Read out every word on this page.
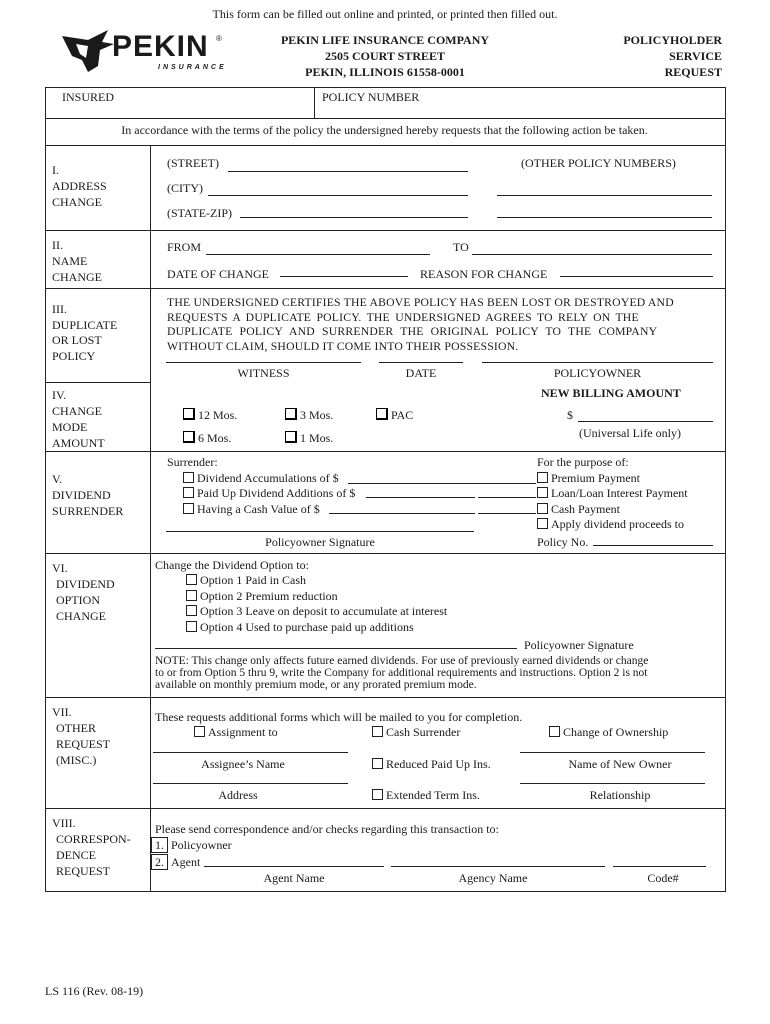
This form can be filled out online and printed, or printed then filled out.
PEKIN ®
INSURANCE
PEKIN LIFE INSURANCE COMPANY
2505 COURT STREET
PEKIN, ILLINOIS 61558-0001
POLICYHOLDER
SERVICE
REQUEST
INSURED	POLICY NUMBER
In accordance with the terms of the policy the undersigned hereby requests that the following action be taken.
I.
ADDRESS
CHANGE
(STREET)	(OTHER POLICY NUMBERS)
(CITY)
(STATE-ZIP)
II.
NAME
CHANGE
FROM	TO
DATE OF CHANGE	REASON FOR CHANGE
III.
DUPLICATE
OR LOST
POLICY
THE UNDERSIGNED CERTIFIES THE ABOVE POLICY HAS BEEN LOST OR DESTROYED AND
REQUESTS A DUPLICATE POLICY. THE UNDERSIGNED AGREES TO RELY ON THE
DUPLICATE POLICY AND SURRENDER THE ORIGINAL POLICY TO THE COMPANY
WITHOUT CLAIM, SHOULD IT COME INTO THEIR POSSESSION.
WITNESS	DATE	POLICYOWNER
IV.
CHANGE
MODE
AMOUNT
NEW BILLING AMOUNT
12 Mos.	3 Mos.	PAC
6 Mos.	1 Mos.
$
(Universal Life only)
V.
DIVIDEND
SURRENDER
Surrender:
Dividend Accumulations of $
Paid Up Dividend Additions of $
Having a Cash Value of $
Policyowner Signature
For the purpose of:
Premium Payment
Loan/Loan Interest Payment
Cash Payment
Apply dividend proceeds to
Policy No.
VI.
DIVIDEND
OPTION
CHANGE
Change the Dividend Option to:
Option 1 Paid in Cash
Option 2 Premium reduction
Option 3 Leave on deposit to accumulate at interest
Option 4 Used to purchase paid up additions
Policyowner Signature
NOTE: This change only affects future earned dividends. For use of previously earned dividends or change
to or from Option 5 thru 9, write the Company for additional requirements and instructions. Option 2 is not
available on monthly premium mode, or any prorated premium mode.
VII.
OTHER
REQUEST
(MISC.)
These requests additional forms which will be mailed to you for completion.
Assignment to	Cash Surrender	Change of Ownership
Assignee’s Name	Reduced Paid Up Ins.	Name of New Owner
Address	Extended Term Ins.	Relationship
VIII.
CORRESPON-
DENCE
REQUEST
Please send correspondence and/or checks regarding this transaction to:
1. Policyowner
2. Agent
Agent Name	Agency Name	Code#
LS 116 (Rev. 08-19)
